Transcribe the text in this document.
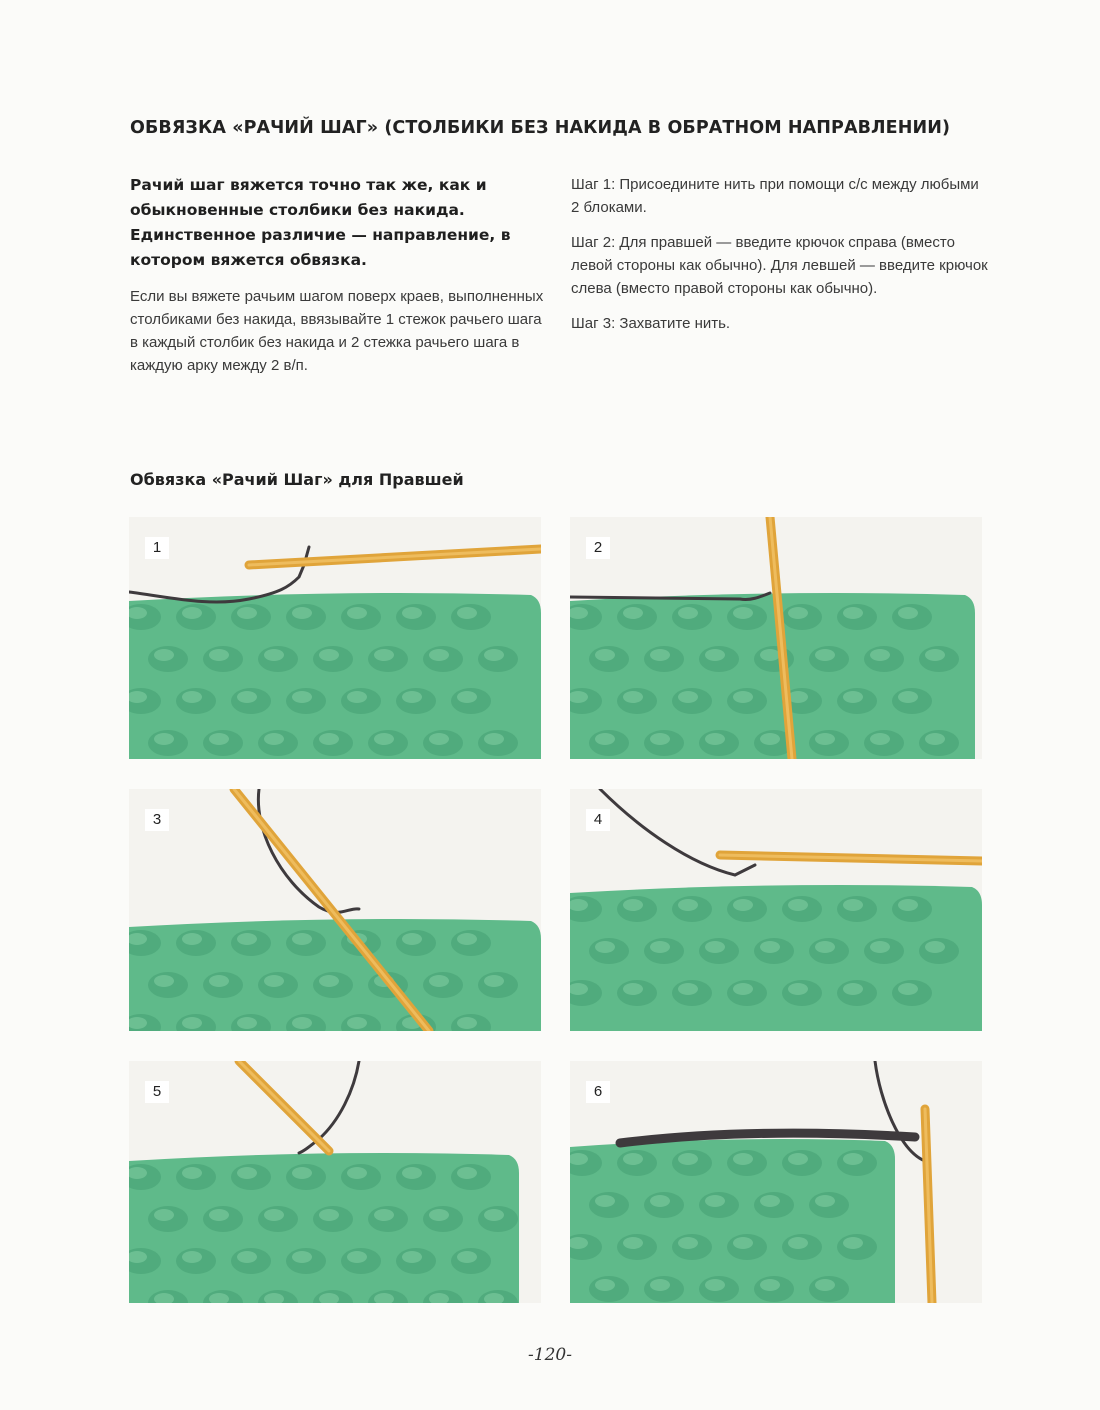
ОБВЯЗКА «РАЧИЙ ШАГ» (СТОЛБИКИ БЕЗ НАКИДА В ОБРАТНОМ НАПРАВЛЕНИИ)

Рачий шаг вяжется точно так же, как и обыкновенные столбики без накида. Единственное различие — направление, в котором вяжется обвязка.

Если вы вяжете рачьим шагом поверх краев, выполненных столбиками без накида, ввязывайте 1 стежок рачьего шага в каждый столбик без накида и 2 стежка рачьего шага в каждую арку между 2 в/п.

Шаг 1: Присоедините нить при помощи с/с между любыми 2 блоками.

Шаг 2: Для правшей — введите крючок справа (вместо левой стороны как обычно). Для левшей — введите крючок слева (вместо правой стороны как обычно).

Шаг 3: Захватите нить.

Обвязка «Рачий Шаг» для Правшей
1	2
3	4
5	6
-120-
